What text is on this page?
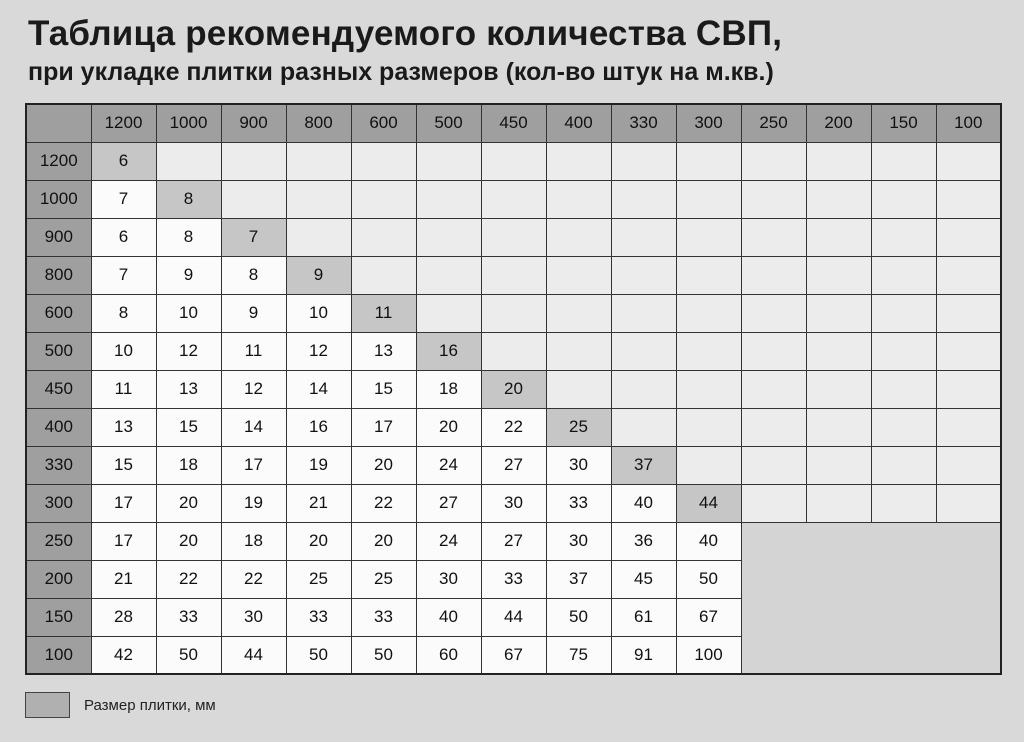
Таблица рекомендуемого количества СВП,
при укладке плитки разных размеров (кол-во штук на м.кв.)
	1200	1000	900	800	600	500	450	400	330	300	250	200	150	100
1200	6													
1000	7	8												
900	6	8	7											
800	7	9	8	9										
600	8	10	9	10	11									
500	10	12	11	12	13	16								
450	11	13	12	14	15	18	20							
400	13	15	14	16	17	20	22	25						
330	15	18	17	19	20	24	27	30	37					
300	17	20	19	21	22	27	30	33	40	44				
250	17	20	18	20	20	24	27	30	36	40				
200	21	22	22	25	25	30	33	37	45	50				
150	28	33	30	33	33	40	44	50	61	67				
100	42	50	44	50	50	60	67	75	91	100				
Размер плитки, мм
